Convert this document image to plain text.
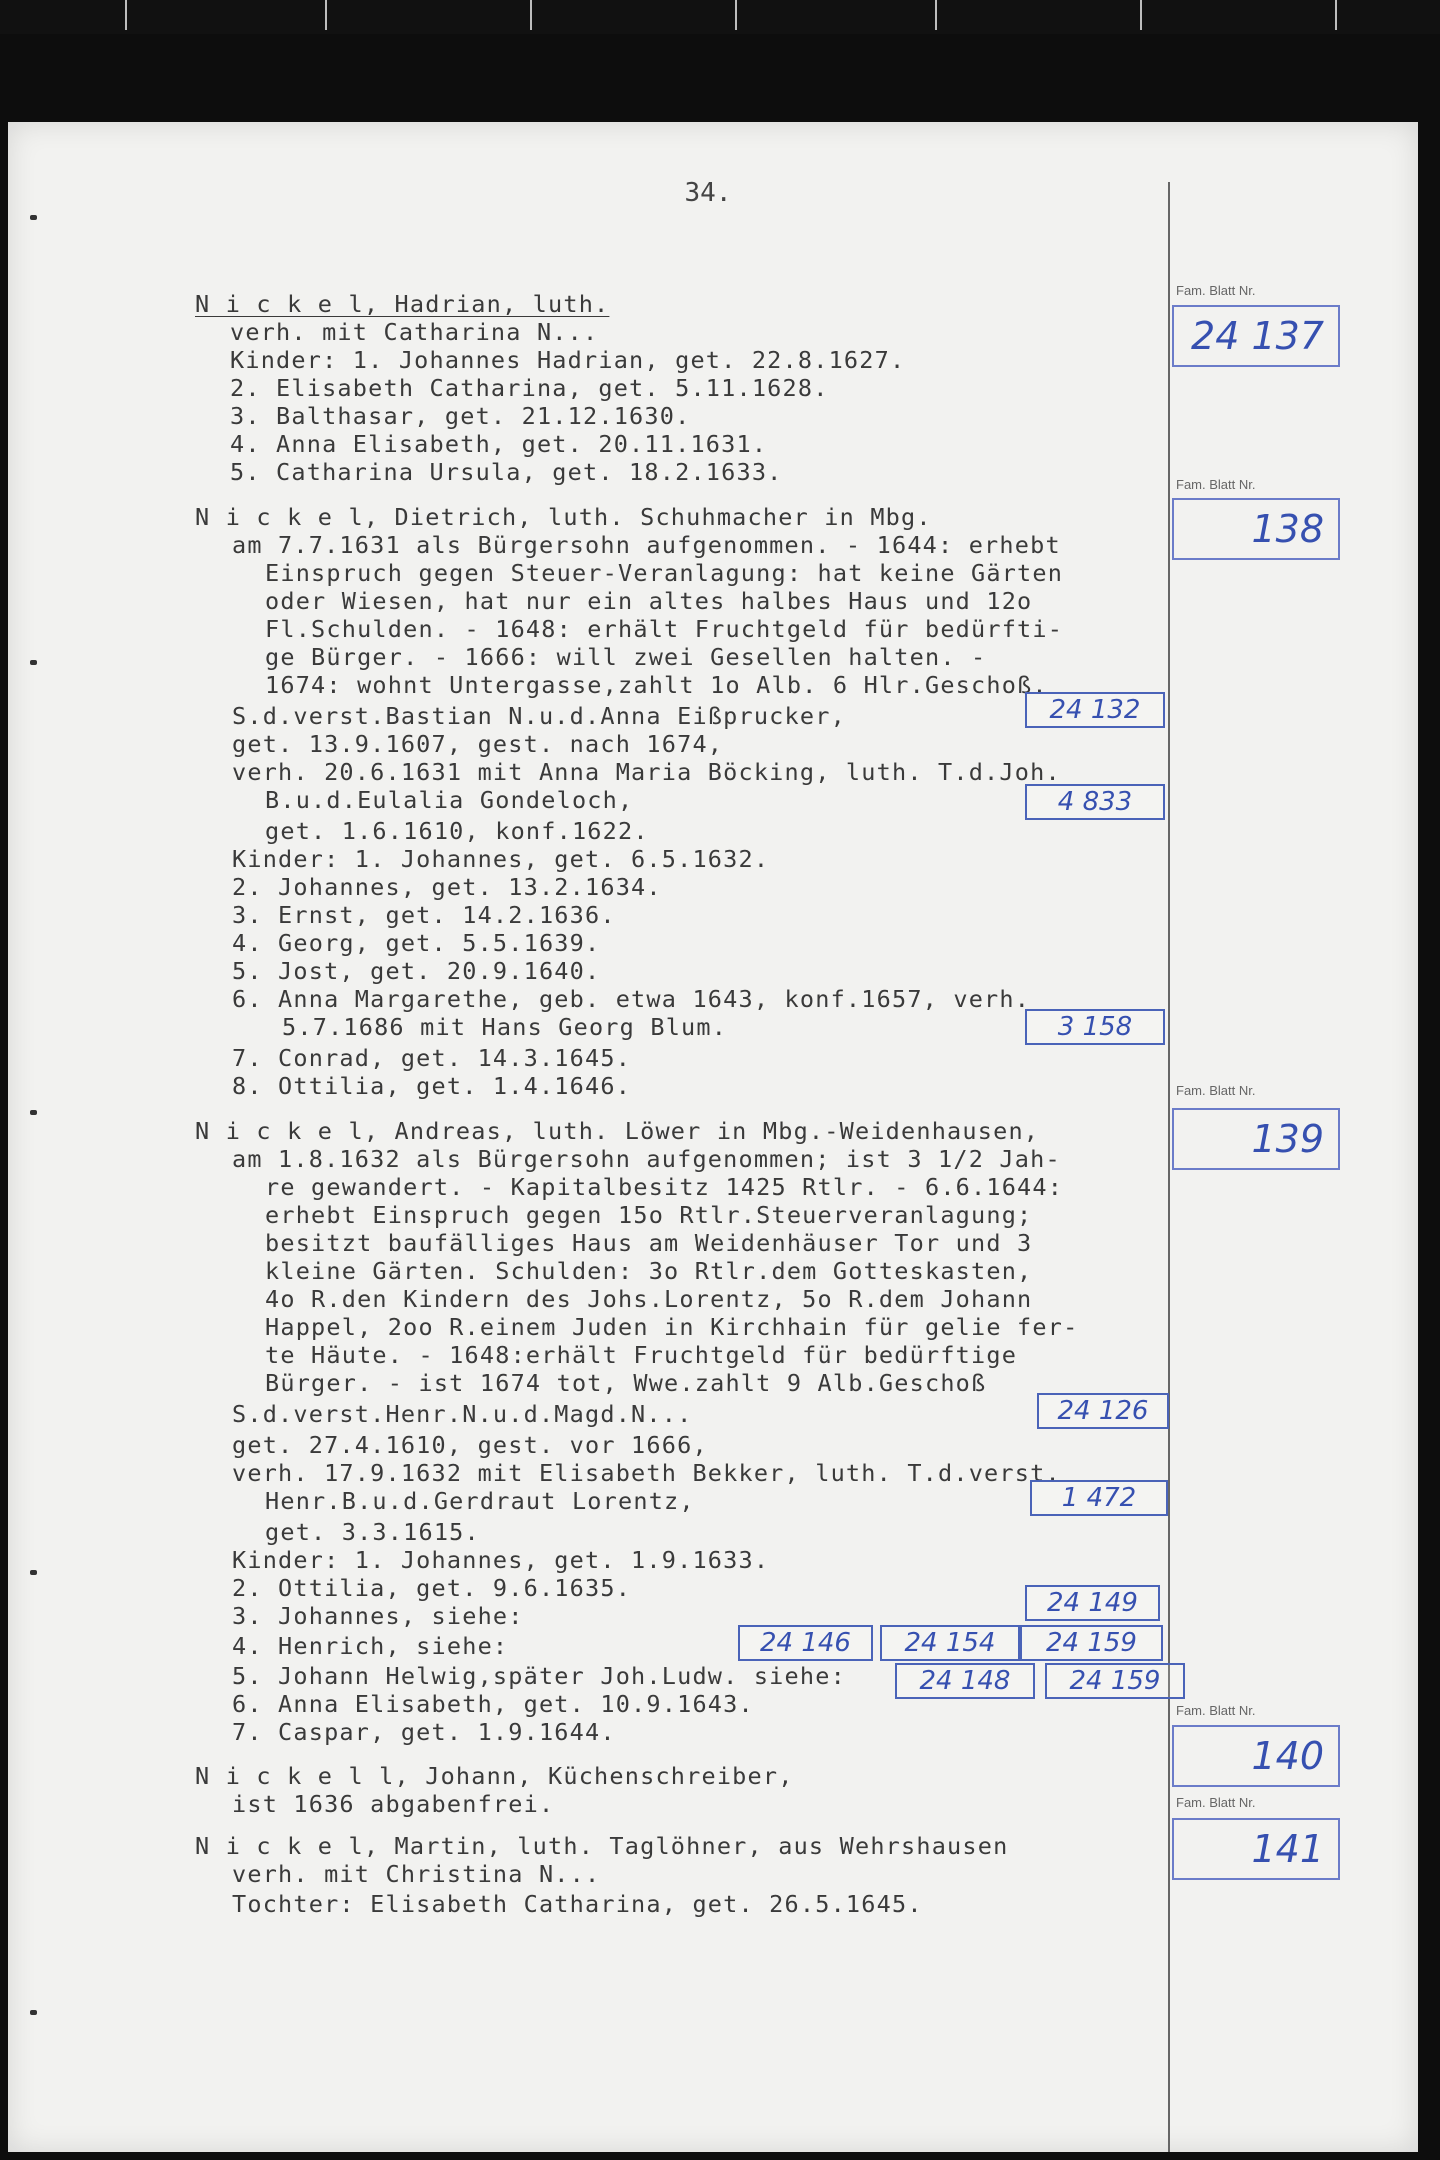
34.
N i c k e l, Hadrian, luth.
verh. mit Catharina N...
Kinder: 1. Johannes Hadrian, get. 22.8.1627.
2. Elisabeth Catharina, get. 5.11.1628.
3. Balthasar, get. 21.12.1630.
4. Anna Elisabeth, get. 20.11.1631.
5. Catharina Ursula, get. 18.2.1633.
N i c k e l, Dietrich, luth. Schuhmacher in Mbg.
am 7.7.1631 als Bürgersohn aufgenommen. - 1644: erhebt
Einspruch gegen Steuer-Veranlagung: hat keine Gärten
oder Wiesen, hat nur ein altes halbes Haus und 12o
Fl.Schulden. - 1648: erhält Fruchtgeld für bedürfti-
ge Bürger. - 1666: will zwei Gesellen halten. -
1674: wohnt Untergasse,zahlt 1o Alb. 6 Hlr.Geschoß.
S.d.verst.Bastian N.u.d.Anna Eißprucker,
get. 13.9.1607, gest. nach 1674,
verh. 20.6.1631 mit Anna Maria Böcking, luth. T.d.Joh.
B.u.d.Eulalia Gondeloch,
get. 1.6.1610, konf.1622.
Kinder: 1. Johannes, get. 6.5.1632.
2. Johannes, get. 13.2.1634.
3. Ernst, get. 14.2.1636.
4. Georg, get. 5.5.1639.
5. Jost, get. 20.9.1640.
6. Anna Margarethe, geb. etwa 1643, konf.1657, verh.
5.7.1686 mit Hans Georg Blum.
7. Conrad, get. 14.3.1645.
8. Ottilia, get. 1.4.1646.
N i c k e l, Andreas, luth. Löwer in Mbg.-Weidenhausen,
am 1.8.1632 als Bürgersohn aufgenommen; ist 3 1/2 Jah-
re gewandert. - Kapitalbesitz 1425 Rtlr. - 6.6.1644:
erhebt Einspruch gegen 15o Rtlr.Steuerveranlagung;
besitzt baufälliges Haus am Weidenhäuser Tor und 3
kleine Gärten. Schulden: 3o Rtlr.dem Gotteskasten,
4o R.den Kindern des Johs.Lorentz, 5o R.dem Johann
Happel, 2oo R.einem Juden in Kirchhain für gelie fer-
te Häute. - 1648:erhält Fruchtgeld für bedürftige
Bürger. - ist 1674 tot, Wwe.zahlt 9 Alb.Geschoß
S.d.verst.Henr.N.u.d.Magd.N...
get. 27.4.1610, gest. vor 1666,
verh. 17.9.1632 mit Elisabeth Bekker, luth. T.d.verst.
Henr.B.u.d.Gerdraut Lorentz,
get. 3.3.1615.
Kinder: 1. Johannes, get. 1.9.1633.
2. Ottilia, get. 9.6.1635.
3. Johannes, siehe:
4. Henrich, siehe:
5. Johann Helwig,später Joh.Ludw. siehe:
6. Anna Elisabeth, get. 10.9.1643.
7. Caspar, get. 1.9.1644.
N i c k e l l, Johann, Küchenschreiber,
ist 1636 abgabenfrei.
N i c k e l, Martin, luth. Taglöhner, aus Wehrshausen
verh. mit Christina N...
Tochter: Elisabeth Catharina, get. 26.5.1645.
Fam. Blatt Nr.
24 137
Fam. Blatt Nr.
138
Fam. Blatt Nr.
139
Fam. Blatt Nr.
140
Fam. Blatt Nr.
141
24 132
4 833
3 158
24 126
1 472
24 149
24 146	24 154	24 159
24 148	24 159
